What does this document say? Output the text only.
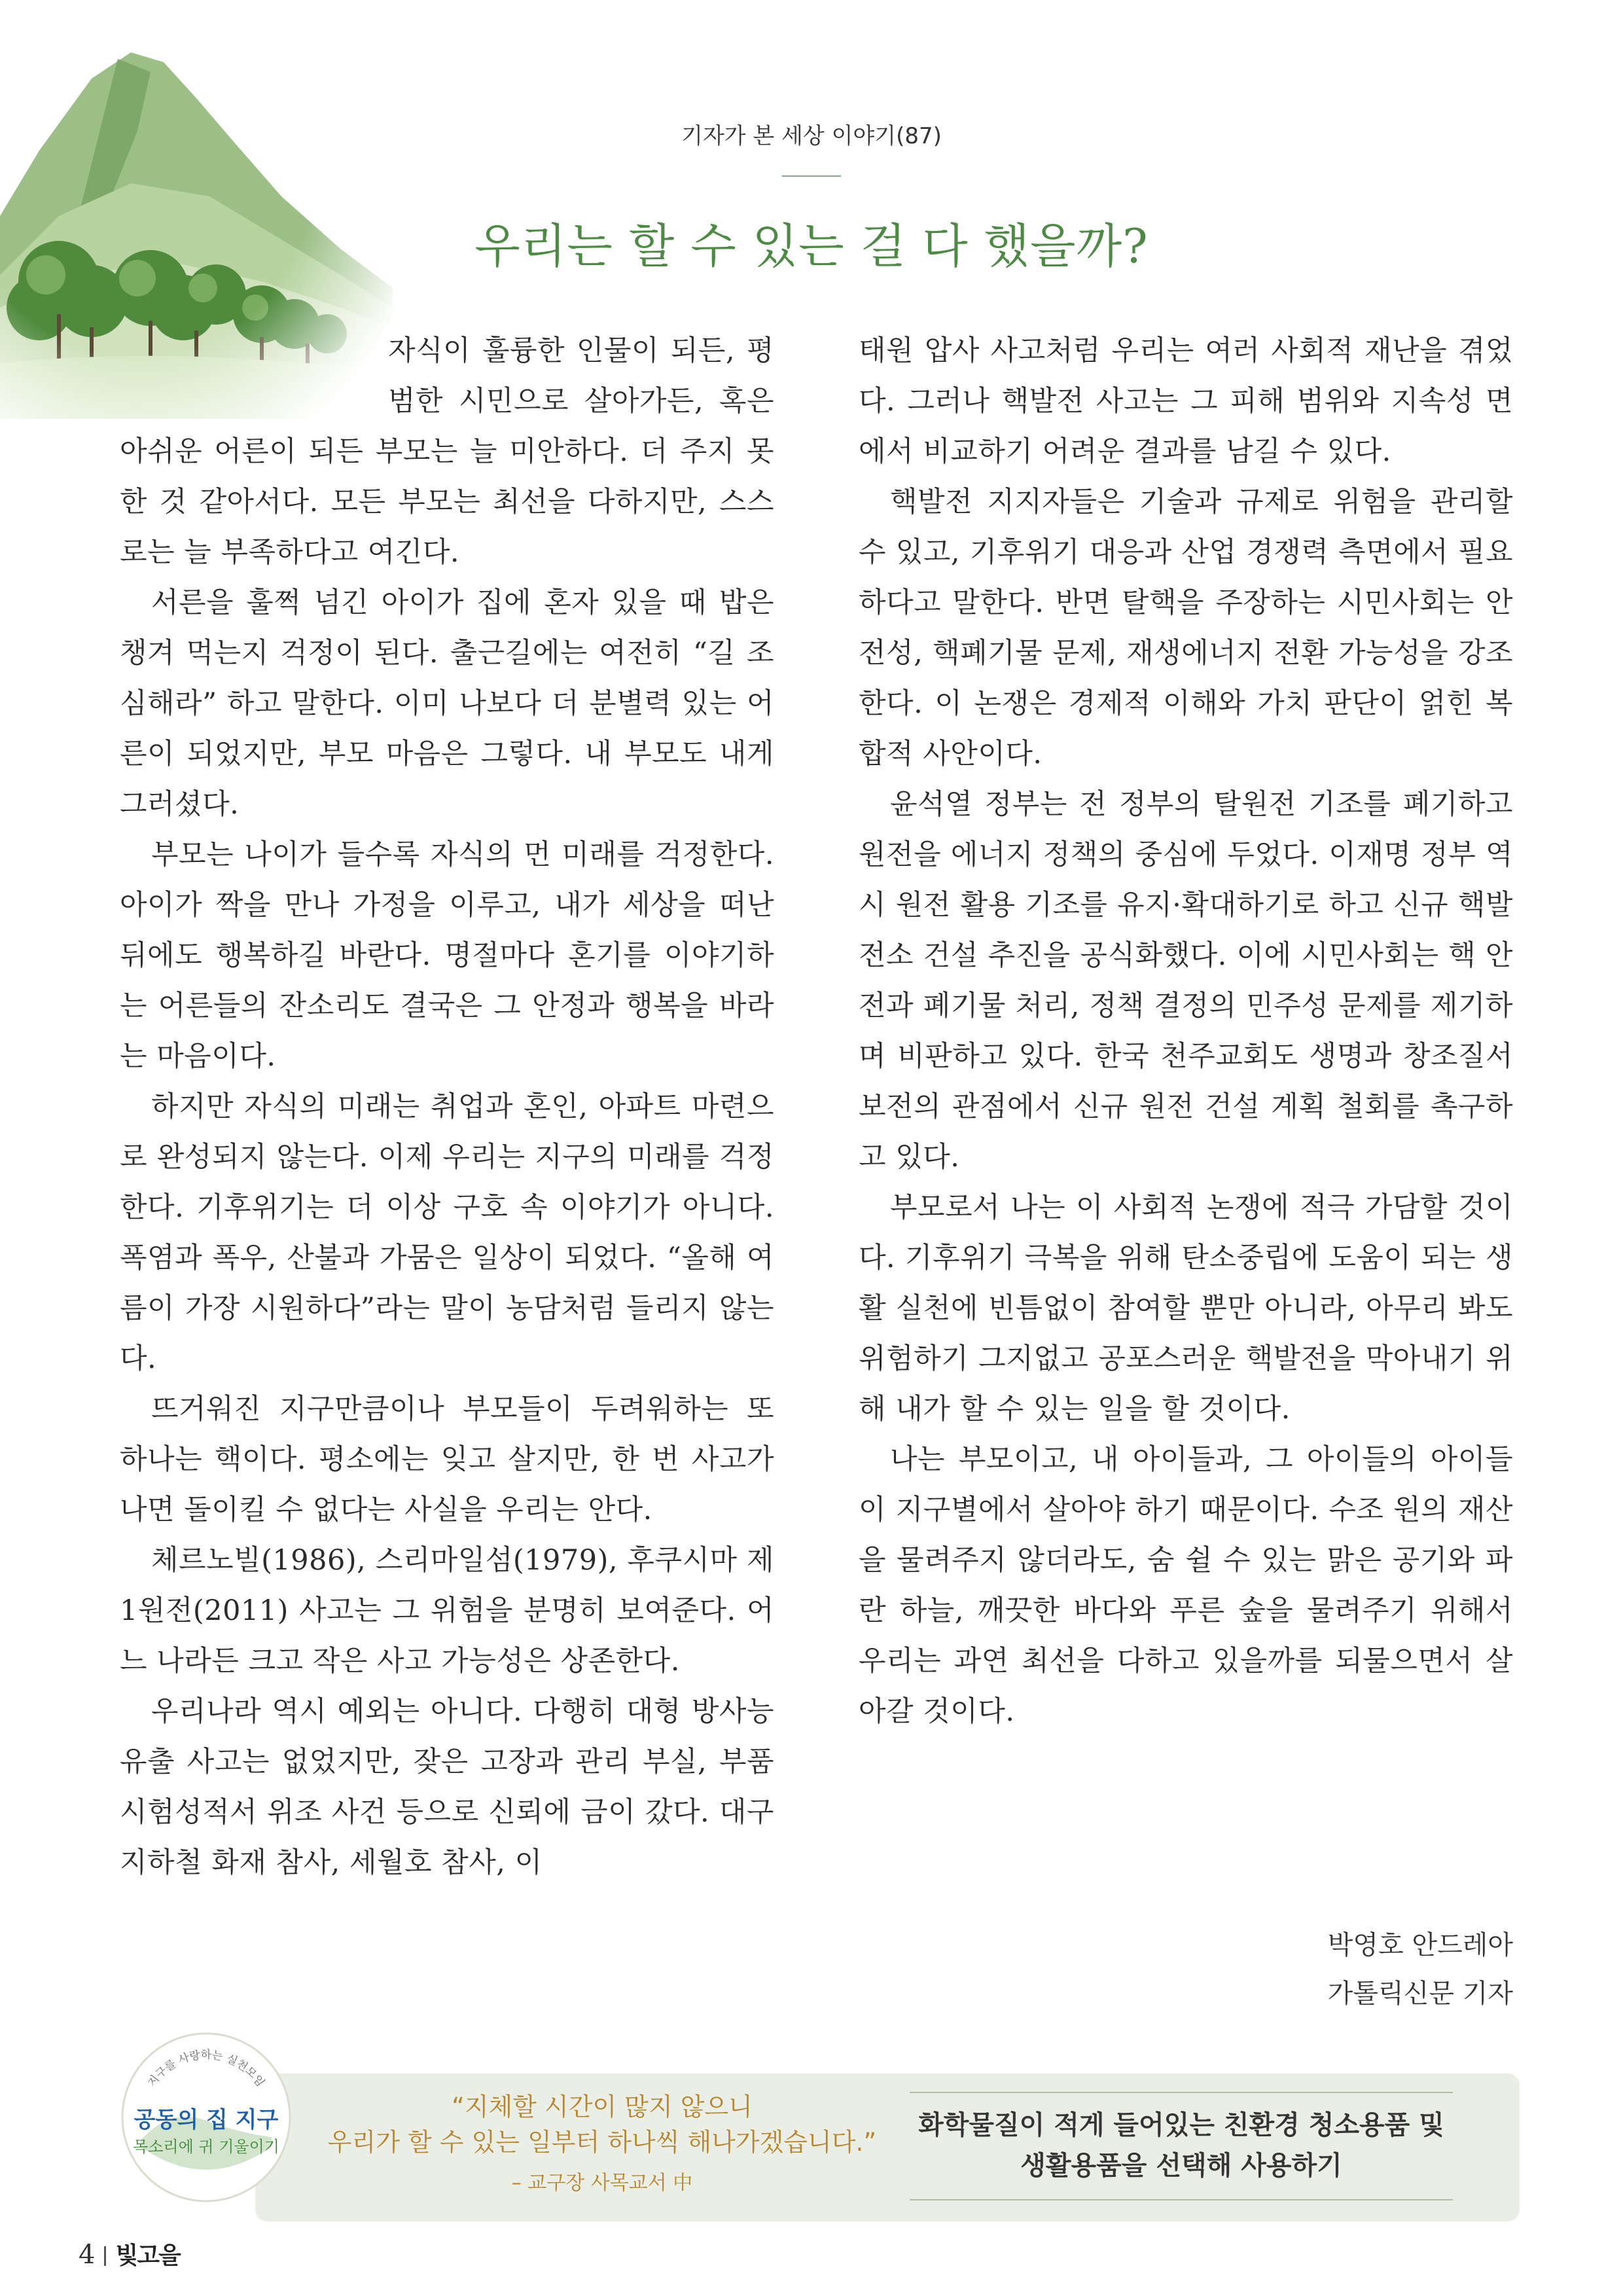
기자가 본 세상 이야기(87)
우리는 할 수 있는 걸 다 했을까?

자식이 훌륭한 인물이 되든, 평범한 시민으로 살아가든, 혹은 아쉬운 어른이 되든 부모는 늘 미안하다. 더 주지 못한 것 같아서다. 모든 부모는 최선을 다하지만, 스스로는 늘 부족하다고 여긴다.

서른을 훌쩍 넘긴 아이가 집에 혼자 있을 때 밥은 챙겨 먹는지 걱정이 된다. 출근길에는 여전히 “길 조심해라” 하고 말한다. 이미 나보다 더 분별력 있는 어른이 되었지만, 부모 마음은 그렇다. 내 부모도 내게 그러셨다.

부모는 나이가 들수록 자식의 먼 미래를 걱정한다. 아이가 짝을 만나 가정을 이루고, 내가 세상을 떠난 뒤에도 행복하길 바란다. 명절마다 혼기를 이야기하는 어른들의 잔소리도 결국은 그 안정과 행복을 바라는 마음이다.

하지만 자식의 미래는 취업과 혼인, 아파트 마련으로 완성되지 않는다. 이제 우리는 지구의 미래를 걱정한다. 기후위기는 더 이상 구호 속 이야기가 아니다. 폭염과 폭우, 산불과 가뭄은 일상이 되었다. “올해 여름이 가장 시원하다”라는 말이 농담처럼 들리지 않는다.

뜨거워진 지구만큼이나 부모들이 두려워하는 또 하나는 핵이다. 평소에는 잊고 살지만, 한 번 사고가 나면 돌이킬 수 없다는 사실을 우리는 안다.

체르노빌(1986), 스리마일섬(1979), 후쿠시마 제1원전(2011) 사고는 그 위험을 분명히 보여준다. 어느 나라든 크고 작은 사고 가능성은 상존한다.

우리나라 역시 예외는 아니다. 다행히 대형 방사능 유출 사고는 없었지만, 잦은 고장과 관리 부실, 부품 시험성적서 위조 사건 등으로 신뢰에 금이 갔다. 대구 지하철 화재 참사, 세월호 참사, 이

태원 압사 사고처럼 우리는 여러 사회적 재난을 겪었다. 그러나 핵발전 사고는 그 피해 범위와 지속성 면에서 비교하기 어려운 결과를 남길 수 있다.

핵발전 지지자들은 기술과 규제로 위험을 관리할 수 있고, 기후위기 대응과 산업 경쟁력 측면에서 필요하다고 말한다. 반면 탈핵을 주장하는 시민사회는 안전성, 핵폐기물 문제, 재생에너지 전환 가능성을 강조한다. 이 논쟁은 경제적 이해와 가치 판단이 얽힌 복합적 사안이다.

윤석열 정부는 전 정부의 탈원전 기조를 폐기하고 원전을 에너지 정책의 중심에 두었다. 이재명 정부 역시 원전 활용 기조를 유지·확대하기로 하고 신규 핵발전소 건설 추진을 공식화했다. 이에 시민사회는 핵 안전과 폐기물 처리, 정책 결정의 민주성 문제를 제기하며 비판하고 있다. 한국 천주교회도 생명과 창조질서 보전의 관점에서 신규 원전 건설 계획 철회를 촉구하고 있다.

부모로서 나는 이 사회적 논쟁에 적극 가담할 것이다. 기후위기 극복을 위해 탄소중립에 도움이 되는 생활 실천에 빈틈없이 참여할 뿐만 아니라, 아무리 봐도 위험하기 그지없고 공포스러운 핵발전을 막아내기 위해 내가 할 수 있는 일을 할 것이다.

나는 부모이고, 내 아이들과, 그 아이들의 아이들이 지구별에서 살아야 하기 때문이다. 수조 원의 재산을 물려주지 않더라도, 숨 쉴 수 있는 맑은 공기와 파란 하늘, 깨끗한 바다와 푸른 숲을 물려주기 위해서 우리는 과연 최선을 다하고 있을까를 되물으면서 살아갈 것이다.

박영호 안드레아
가톨릭신문 기자
지구를 사랑하는 실천모임
공동의 집 지구
목소리에 귀 기울이기
“지체할 시간이 많지 않으니
우리가 할 수 있는 일부터 하나씩 해나가겠습니다.”
– 교구장 사목교서 中
화학물질이 적게 들어있는 친환경 청소용품 및
생활용품을 선택해 사용하기
4 빛고을
